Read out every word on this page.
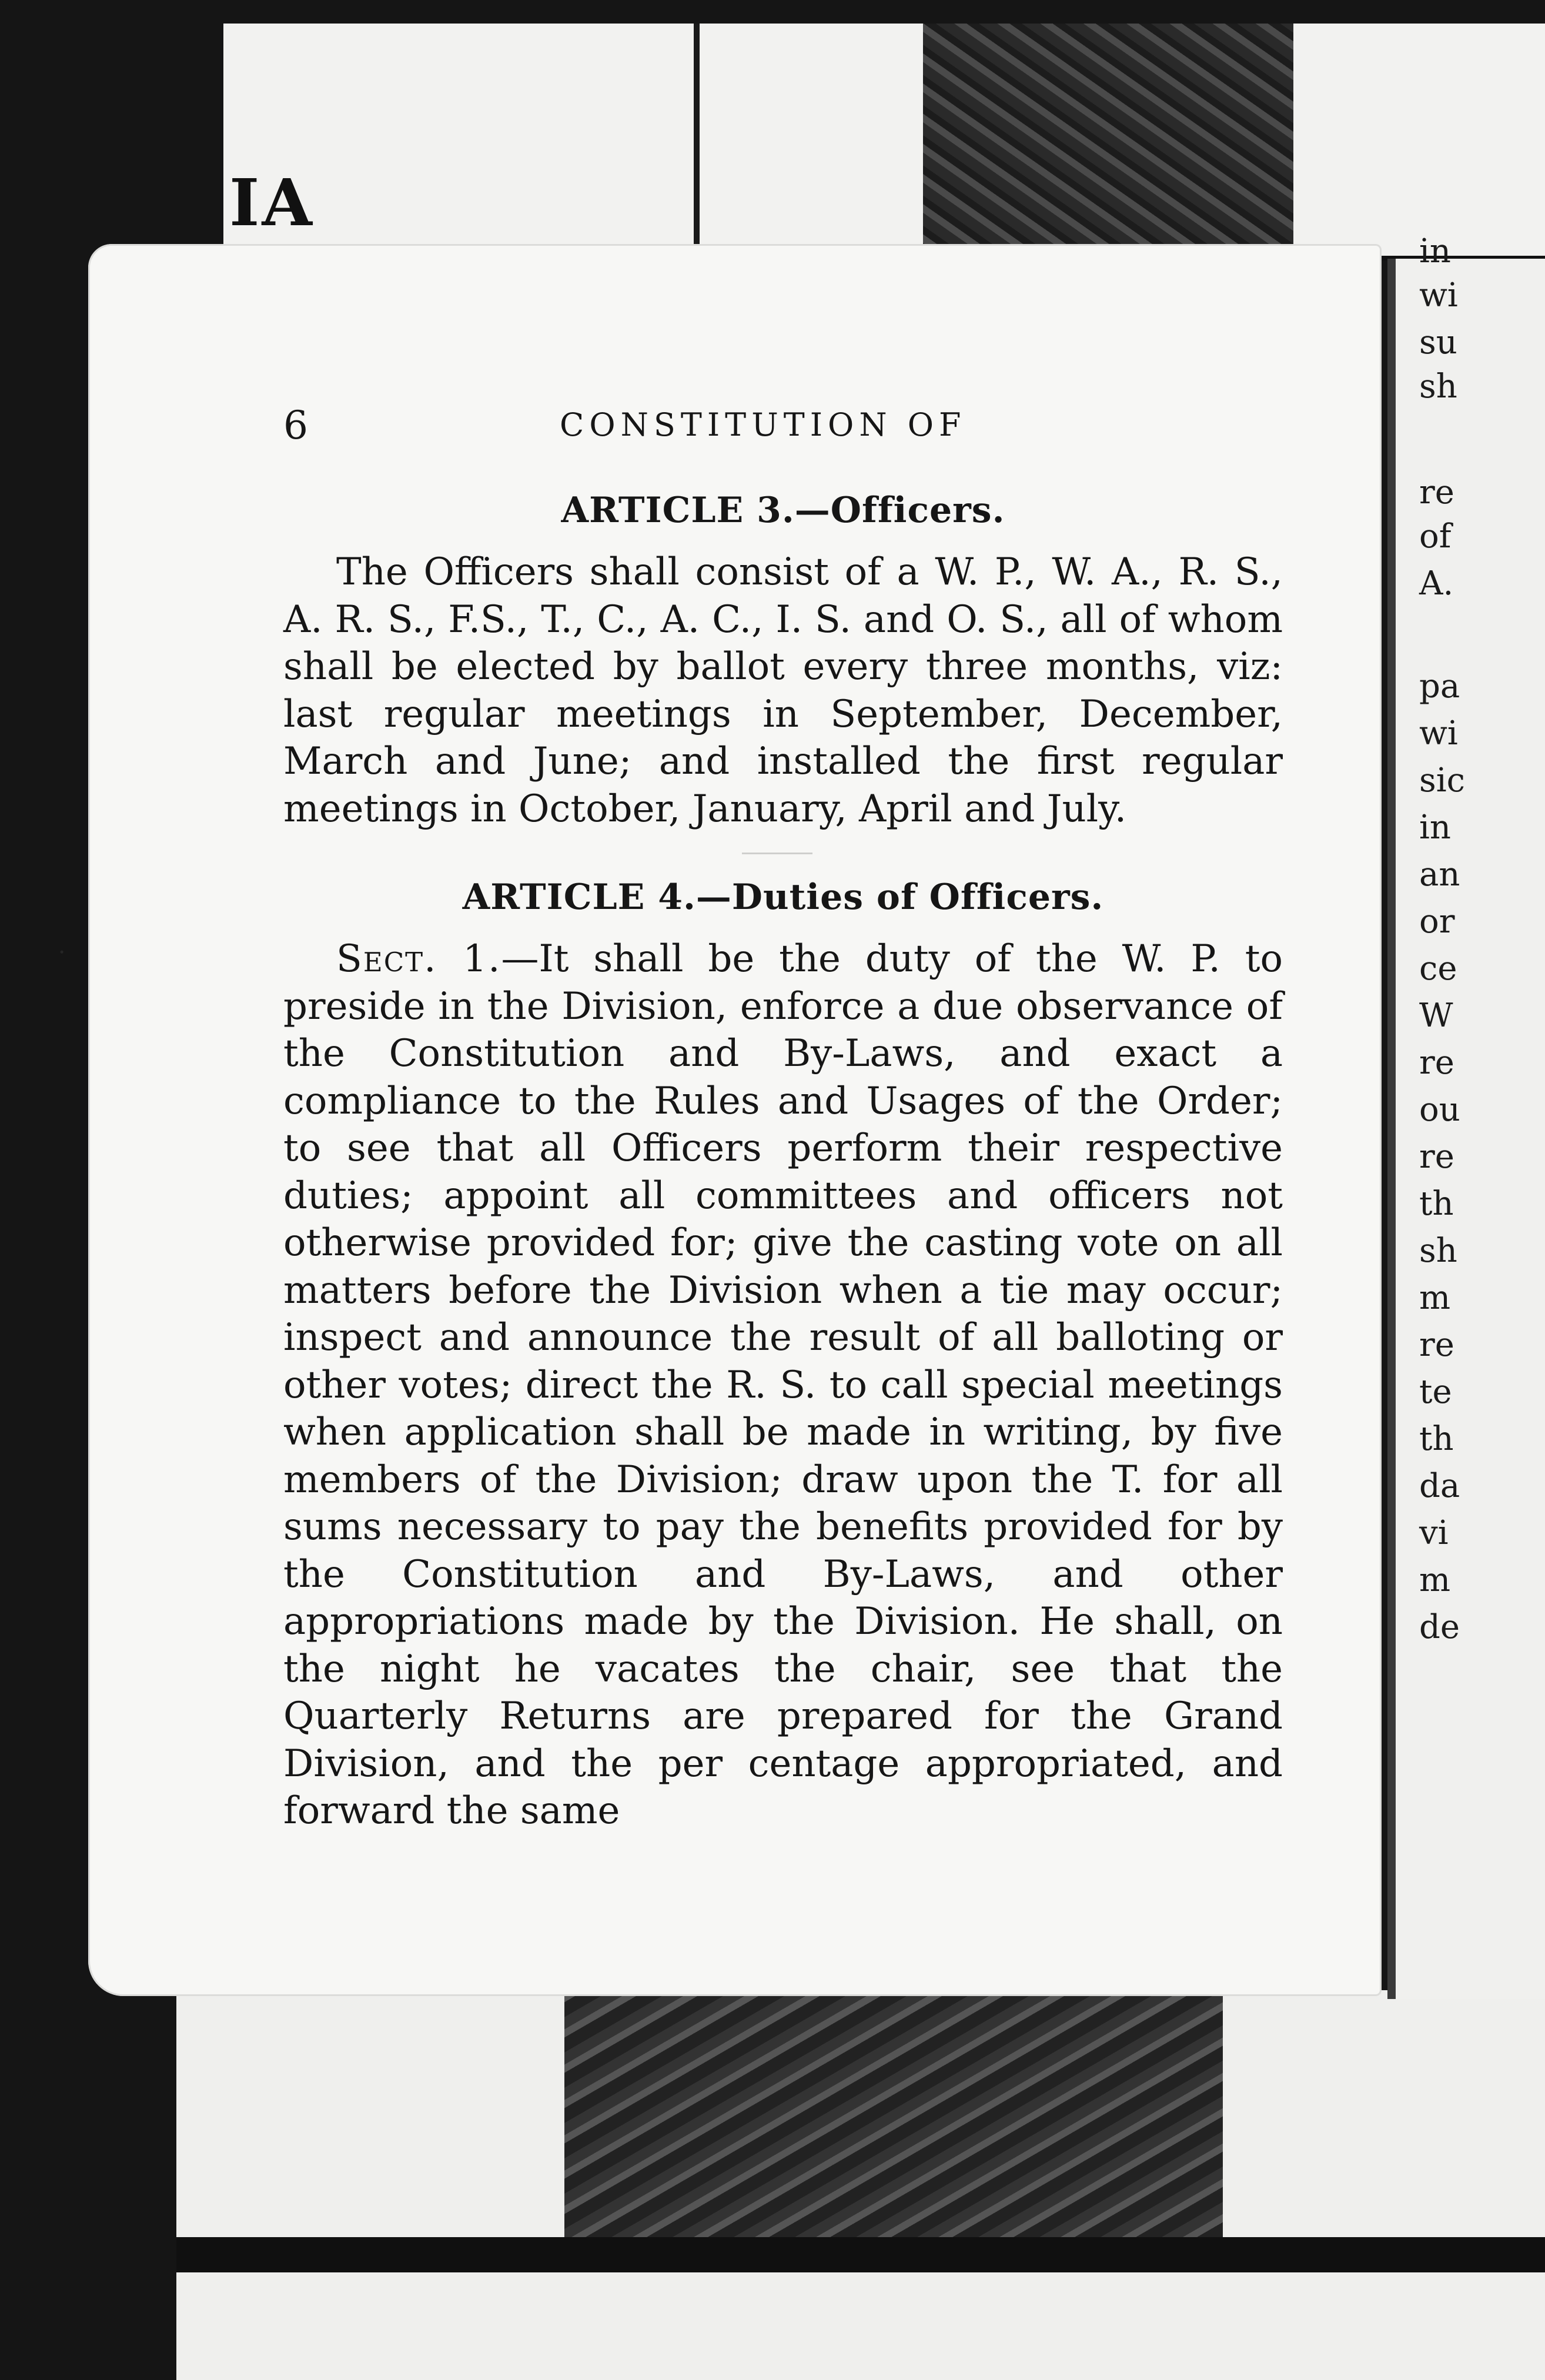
IA
in
wi
su
sh
re
of
A.
pa
wi
sic
in
an
or
ce
W
re
ou
re
th
sh
m
re
te
th
da
vi
m
de
6	CONSTITUTION OF
ARTICLE 3.—Officers.

The Officers shall consist of a W. P., W. A., R. S., A. R. S., F.S., T., C., A. C., I. S. and O. S., all of whom shall be elected by ballot every three months, viz: last regular meetings in September, December, March and June; and installed the first regular meetings in October, January, April and July.

ARTICLE 4.—Duties of Officers.

Sect. 1.—It shall be the duty of the W. P. to preside in the Division, enforce a due observance of the Constitution and By-Laws, and exact a compliance to the Rules and Usages of the Order; to see that all Officers perform their respective duties; appoint all committees and officers not otherwise provided for; give the casting vote on all matters before the Division when a tie may occur; inspect and announce the result of all balloting or other votes; direct the R. S. to call special meetings when application shall be made in writing, by five members of the Division; draw upon the T. for all sums necessary to pay the benefits provided for by the Constitution and By-Laws, and other appropriations made by the Division. He shall, on the night he vacates the chair, see that the Quarterly Returns are prepared for the Grand Division, and the per centage appropriated, and forward the same
